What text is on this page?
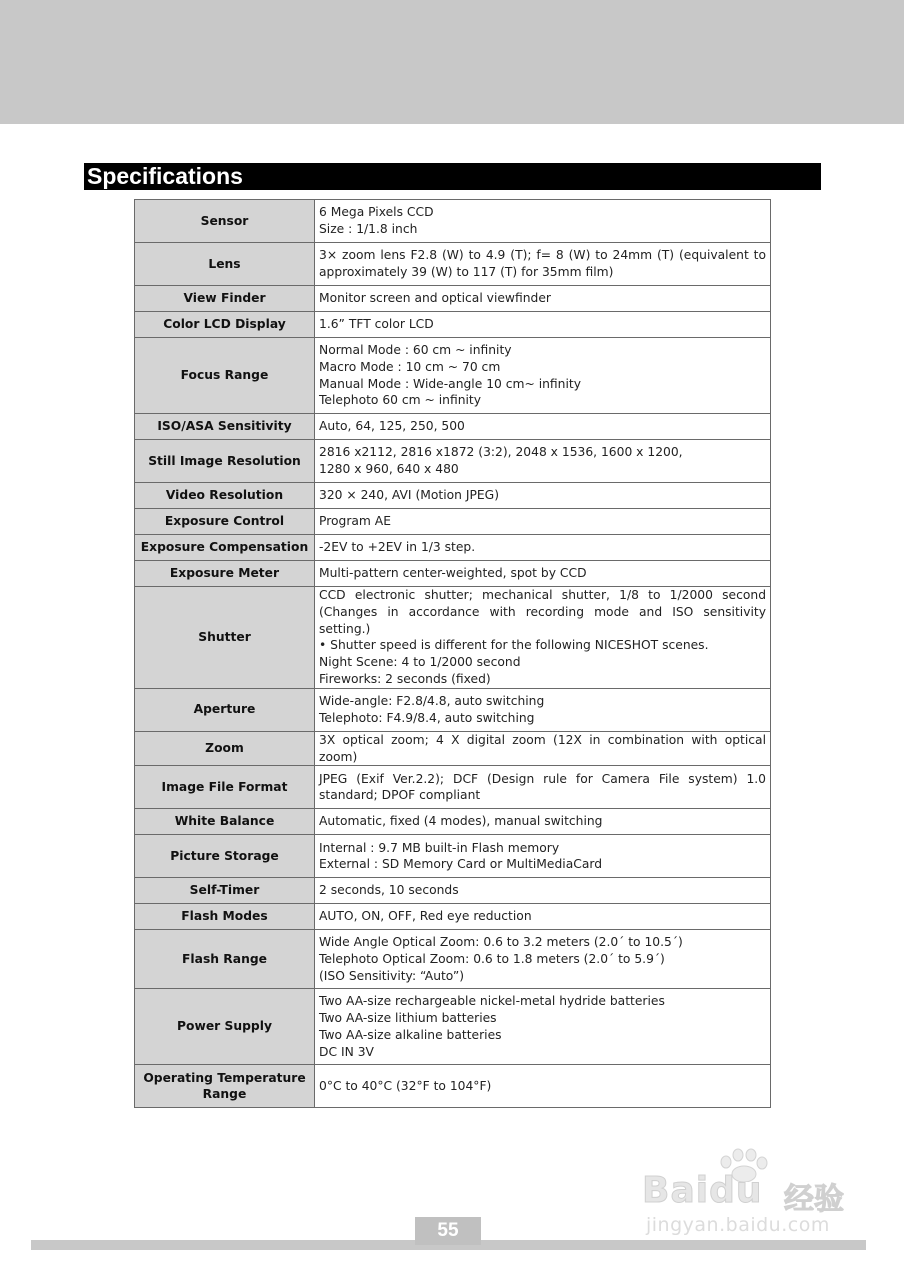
Specifications
Sensor	6 Mega Pixels CCD
Size : 1/1.8 inch
Lens	3× zoom lens F2.8 (W) to 4.9 (T); f= 8 (W) to 24mm (T) (equivalent to approximately 39 (W) to 117 (T) for 35mm film)
View Finder	Monitor screen and optical viewfinder
Color LCD Display	1.6” TFT color LCD
Focus Range	Normal Mode : 60 cm ~ infinity
Macro Mode : 10 cm ~ 70 cm
Manual Mode : Wide-angle 10 cm~ infinity
Telephoto 60 cm ~ infinity
ISO/ASA Sensitivity	Auto, 64, 125, 250, 500
Still Image Resolution	2816 x2112, 2816 x1872 (3:2), 2048 x 1536, 1600 x 1200,
1280 x 960, 640 x 480
Video Resolution	320 × 240, AVI (Motion JPEG)
Exposure Control	Program AE
Exposure Compensation	-2EV to +2EV in 1/3 step.
Exposure Meter	Multi-pattern center-weighted, spot by CCD
Shutter	CCD electronic shutter; mechanical shutter, 1/8 to 1/2000 second (Changes in accordance with recording mode and ISO sensitivity setting.)
• Shutter speed is different for the following NICESHOT scenes.
Night Scene: 4 to 1/2000 second
Fireworks: 2 seconds (fixed)
Aperture	Wide-angle: F2.8/4.8, auto switching
Telephoto: F4.9/8.4, auto switching
Zoom	3X optical zoom; 4 X digital zoom (12X in combination with optical zoom)
Image File Format	JPEG (Exif Ver.2.2); DCF (Design rule for Camera File system) 1.0 standard; DPOF compliant
White Balance	Automatic, fixed (4 modes), manual switching
Picture Storage	Internal : 9.7 MB built-in Flash memory
External : SD Memory Card or MultiMediaCard
Self-Timer	2 seconds, 10 seconds
Flash Modes	AUTO, ON, OFF, Red eye reduction
Flash Range	Wide Angle Optical Zoom: 0.6 to 3.2 meters (2.0´ to 10.5´)
Telephoto Optical Zoom: 0.6 to 1.8 meters (2.0´ to 5.9´)
(ISO Sensitivity: “Auto”)
Power Supply	Two AA-size rechargeable nickel-metal hydride batteries
Two AA-size lithium batteries
Two AA-size alkaline batteries
DC IN 3V
Operating Temperature Range	0°C to 40°C (32°F to 104°F)
Baidu 经验
jingyan.baidu.com
55
